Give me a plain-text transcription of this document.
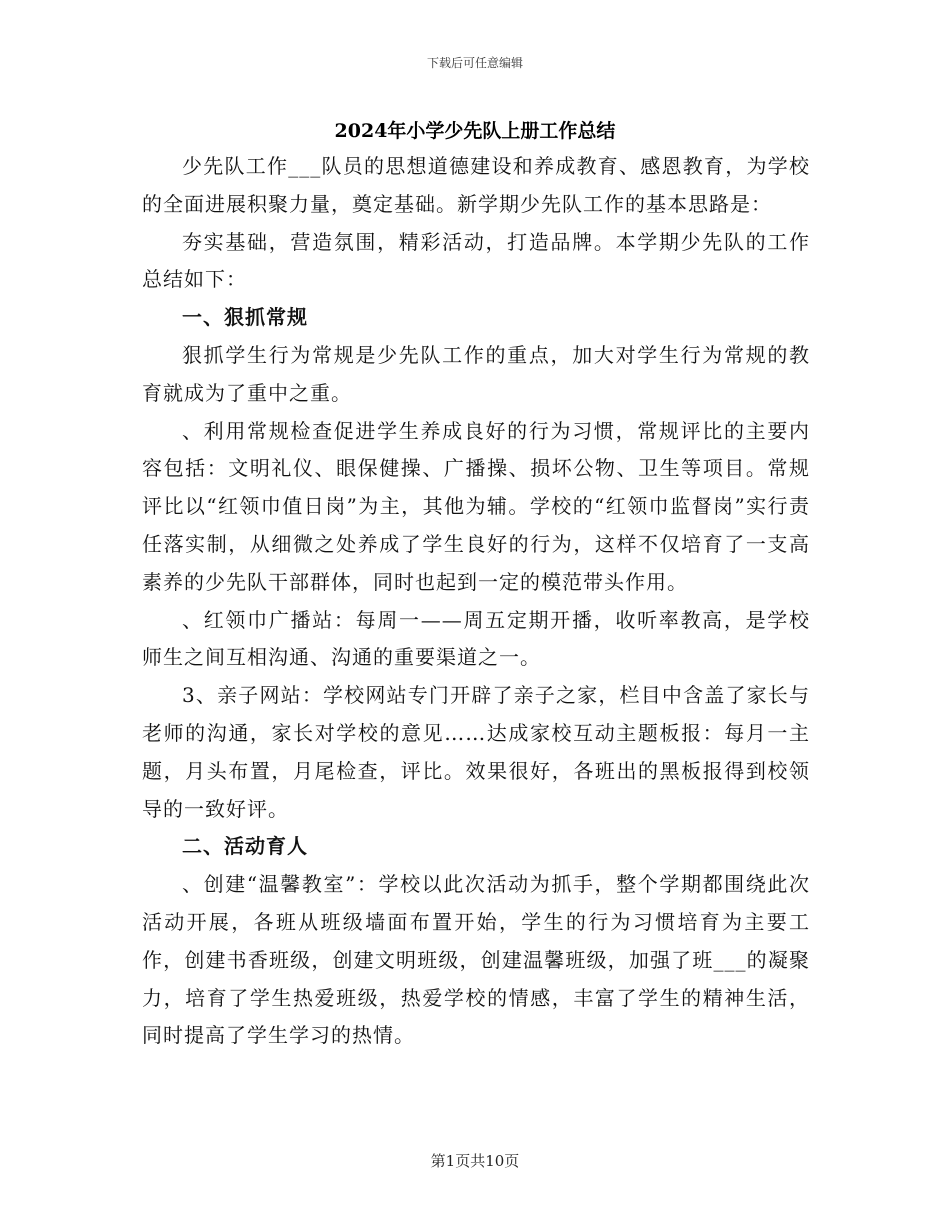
下载后可任意编辑
2024年小学少先队上册工作总结

少先队工作___队员的思想道德建设和养成教育、感恩教育，为学校的全面进展积聚力量，奠定基础。新学期少先队工作的基本思路是：

夯实基础，营造氛围，精彩活动，打造品牌。本学期少先队的工作总结如下：

一、狠抓常规

狠抓学生行为常规是少先队工作的重点，加大对学生行为常规的教育就成为了重中之重。

、利用常规检查促进学生养成良好的行为习惯，常规评比的主要内容包括：文明礼仪、眼保健操、广播操、损坏公物、卫生等项目。常规评比以“红领巾值日岗”为主，其他为辅。学校的“红领巾监督岗”实行责任落实制，从细微之处养成了学生良好的行为，这样不仅培育了一支高素养的少先队干部群体，同时也起到一定的模范带头作用。

、红领巾广播站：每周一——周五定期开播，收听率教高，是学校师生之间互相沟通、沟通的重要渠道之一。

3、亲子网站：学校网站专门开辟了亲子之家，栏目中含盖了家长与老师的沟通，家长对学校的意见……达成家校互动主题板报：每月一主题，月头布置，月尾检查，评比。效果很好，各班出的黑板报得到校领导的一致好评。

二、活动育人

、创建“温馨教室”：学校以此次活动为抓手，整个学期都围绕此次活动开展，各班从班级墙面布置开始，学生的行为习惯培育为主要工作，创建书香班级，创建文明班级，创建温馨班级，加强了班___的凝聚力，培育了学生热爱班级，热爱学校的情感，丰富了学生的精神生活，同时提高了学生学习的热情。

第1页共10页
